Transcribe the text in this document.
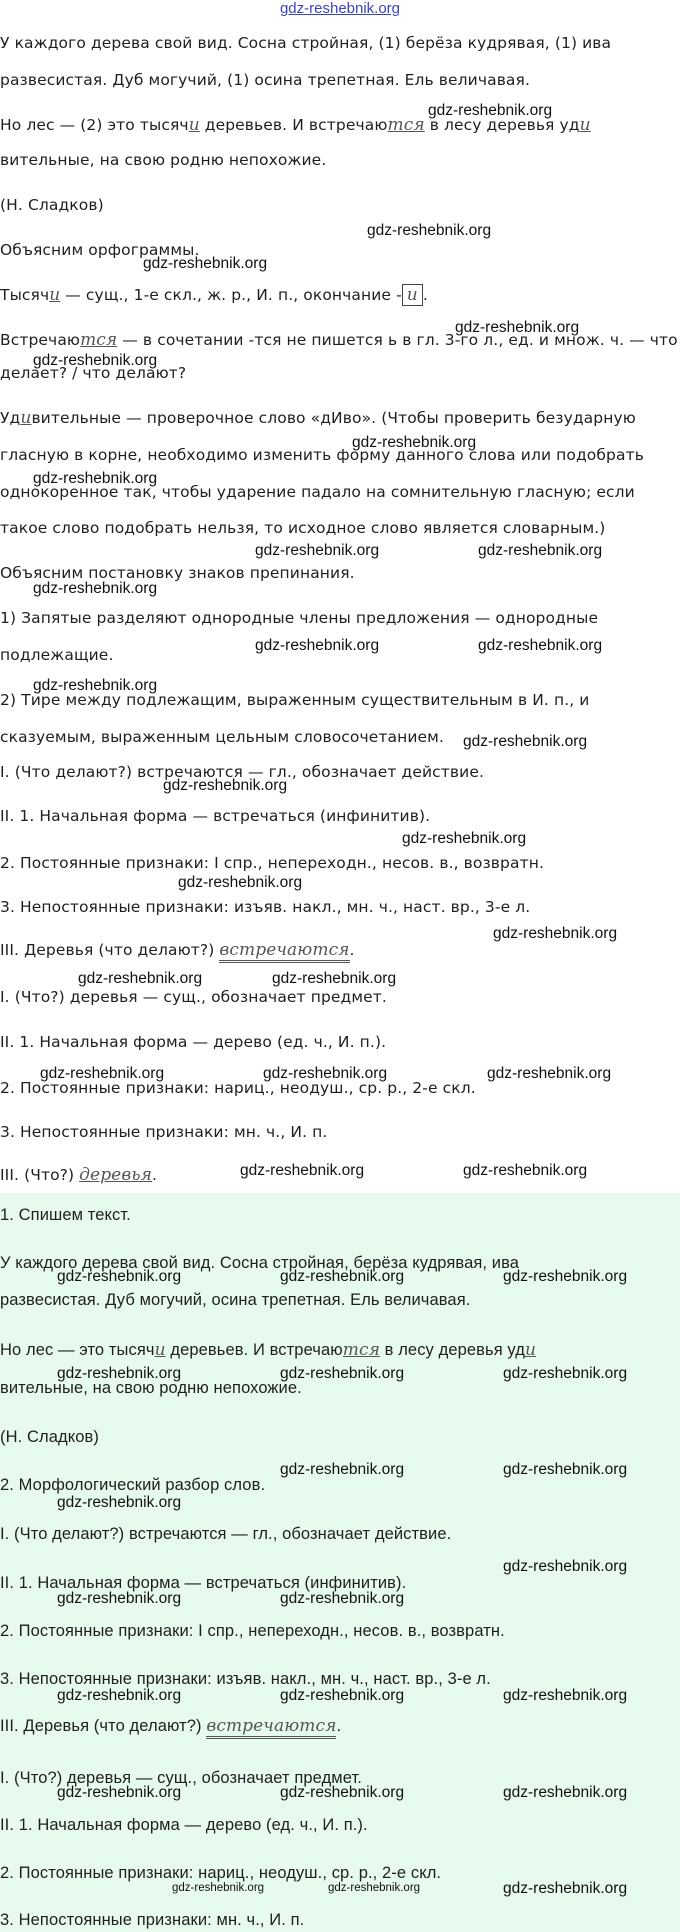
gdz-reshebnik.org
У каждого дерева свой вид. Сосна стройная, (1) берёза кудрявая, (1) ива
развесистая. Дуб могучий, (1) осина трепетная. Ель величавая.
Но лес — (2) это тысячи деревьев. И встречаются в лесу деревья уди
вительные, на свою родню непохожие.
(Н. Сладков)
Объясним орфограммы.
Тысячи — сущ., 1-е скл., ж. р., И. п., окончание - и .
Встречаются — в сочетании -тся не пишется ь в гл. 3-го л., ед. и множ. ч. — что
делает? / что делают?
Удивительные — проверочное слово «дИво». (Чтобы проверить безударную
гласную в корне, необходимо изменить форму данного слова или подобрать
однокоренное так, чтобы ударение падало на сомнительную гласную; если
такое слово подобрать нельзя, то исходное слово является словарным.)
Объясним постановку знаков препинания.
1) Запятые разделяют однородные члены предложения — однородные
подлежащие.
2) Тире между подлежащим, выраженным существительным в И. п., и
сказуемым, выраженным цельным словосочетанием.
I. (Что делают?) встречаются — гл., обозначает действие.
II. 1. Начальная форма — встречаться (инфинитив).
2. Постоянные признаки: I спр., непереходн., несов. в., возвратн.
3. Непостоянные признаки: изъяв. накл., мн. ч., наст. вр., 3-е л.
III. Деревья (что делают?) встречаются.
I. (Что?) деревья — сущ., обозначает предмет.
II. 1. Начальная форма — дерево (ед. ч., И. п.).
2. Постоянные признаки: нариц., неодуш., ср. р., 2-е скл.
3. Непостоянные признаки: мн. ч., И. п.
III. (Что?) деревья.
1. Спишем текст.
У каждого дерева свой вид. Сосна стройная, берёза кудрявая, ива
развесистая. Дуб могучий, осина трепетная. Ель величавая.
Но лес — это тысячи деревьев. И встречаются в лесу деревья уди
вительные, на свою родню непохожие.
(Н. Сладков)
2. Морфологический разбор слов.
I. (Что делают?) встречаются — гл., обозначает действие.
II. 1. Начальная форма — встречаться (инфинитив).
2. Постоянные признаки: I спр., непереходн., несов. в., возвратн.
3. Непостоянные признаки: изъяв. накл., мн. ч., наст. вр., 3-е л.
III. Деревья (что делают?) встречаются.
I. (Что?) деревья — сущ., обозначает предмет.
II. 1. Начальная форма — дерево (ед. ч., И. п.).
2. Постоянные признаки: нариц., неодуш., ср. р., 2-е скл.
3. Непостоянные признаки: мн. ч., И. п.
gdz-reshebnik.org
gdz-reshebnik.org
gdz-reshebnik.org
gdz-reshebnik.org
gdz-reshebnik.org
gdz-reshebnik.org
gdz-reshebnik.org
gdz-reshebnik.org	gdz-reshebnik.org
gdz-reshebnik.org
gdz-reshebnik.org	gdz-reshebnik.org
gdz-reshebnik.org
gdz-reshebnik.org
gdz-reshebnik.org
gdz-reshebnik.org
gdz-reshebnik.org
gdz-reshebnik.org
gdz-reshebnik.org	gdz-reshebnik.org
gdz-reshebnik.org	gdz-reshebnik.org	gdz-reshebnik.org
gdz-reshebnik.org	gdz-reshebnik.org
gdz-reshebnik.org	gdz-reshebnik.org	gdz-reshebnik.org
gdz-reshebnik.org	gdz-reshebnik.org	gdz-reshebnik.org
gdz-reshebnik.org	gdz-reshebnik.org
gdz-reshebnik.org
gdz-reshebnik.org
gdz-reshebnik.org	gdz-reshebnik.org
gdz-reshebnik.org	gdz-reshebnik.org	gdz-reshebnik.org
gdz-reshebnik.org	gdz-reshebnik.org	gdz-reshebnik.org
gdz-reshebnik.org	gdz-reshebnik.org	gdz-reshebnik.org
